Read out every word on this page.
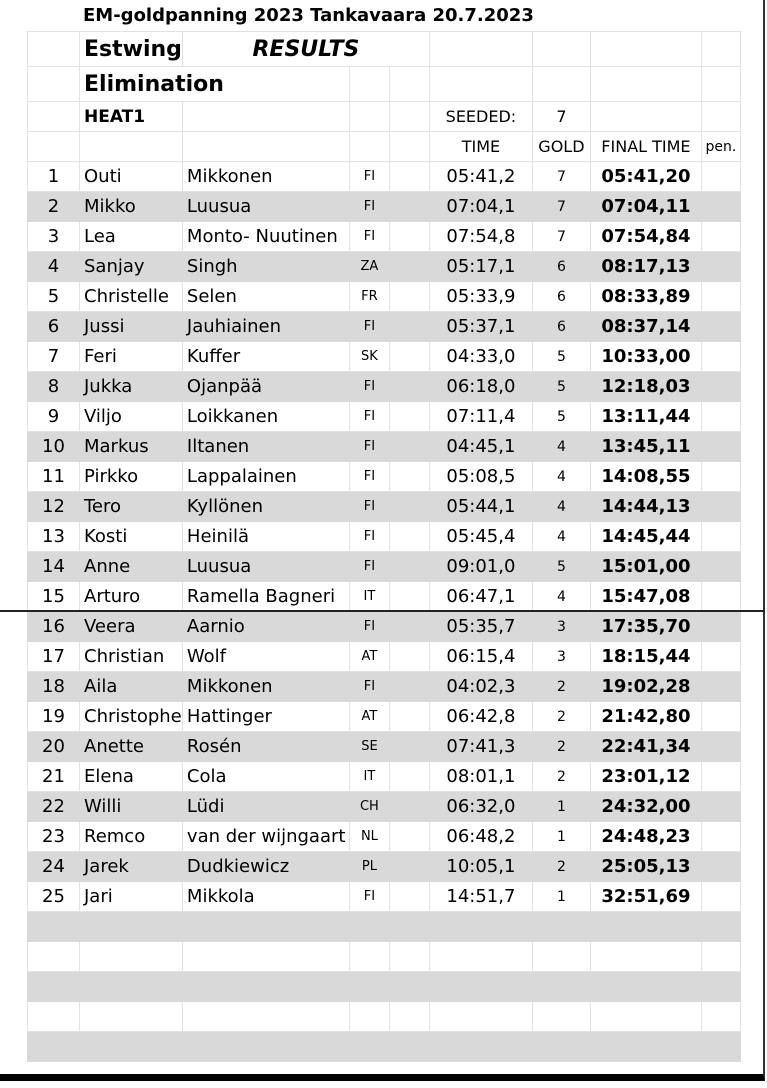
EM-goldpanning 2023 Tankavaara 20.7.2023
	Estwing	RESULTS						
	Elimination							
	HEAT1				SEEDED:	7		
					TIME	GOLD	FINAL TIME	pen.
1	Outi	Mikkonen	FI		05:41,2	7	05:41,20	
2	Mikko	Luusua	FI		07:04,1	7	07:04,11	
3	Lea	Monto- Nuutinen	FI		07:54,8	7	07:54,84	
4	Sanjay	Singh	ZA		05:17,1	6	08:17,13	
5	Christelle	Selen	FR		05:33,9	6	08:33,89	
6	Jussi	Jauhiainen	FI		05:37,1	6	08:37,14	
7	Feri	Kuffer	SK		04:33,0	5	10:33,00	
8	Jukka	Ojanpää	FI		06:18,0	5	12:18,03	
9	Viljo	Loikkanen	FI		07:11,4	5	13:11,44	
10	Markus	Iltanen	FI		04:45,1	4	13:45,11	
11	Pirkko	Lappalainen	FI		05:08,5	4	14:08,55	
12	Tero	Kyllönen	FI		05:44,1	4	14:44,13	
13	Kosti	Heinilä	FI		05:45,4	4	14:45,44	
14	Anne	Luusua	FI		09:01,0	5	15:01,00	
15	Arturo	Ramella Bagneri	IT		06:47,1	4	15:47,08	
16	Veera	Aarnio	FI		05:35,7	3	17:35,70	
17	Christian	Wolf	AT		06:15,4	3	18:15,44	
18	Aila	Mikkonen	FI		04:02,3	2	19:02,28	
19	Christophe	Hattinger	AT		06:42,8	2	21:42,80	
20	Anette	Rosén	SE		07:41,3	2	22:41,34	
21	Elena	Cola	IT		08:01,1	2	23:01,12	
22	Willi	Lüdi	CH		06:32,0	1	24:32,00	
23	Remco	van der wijngaart	NL		06:48,2	1	24:48,23	
24	Jarek	Dudkiewicz	PL		10:05,1	2	25:05,13	
25	Jari	Mikkola	FI		14:51,7	1	32:51,69	
